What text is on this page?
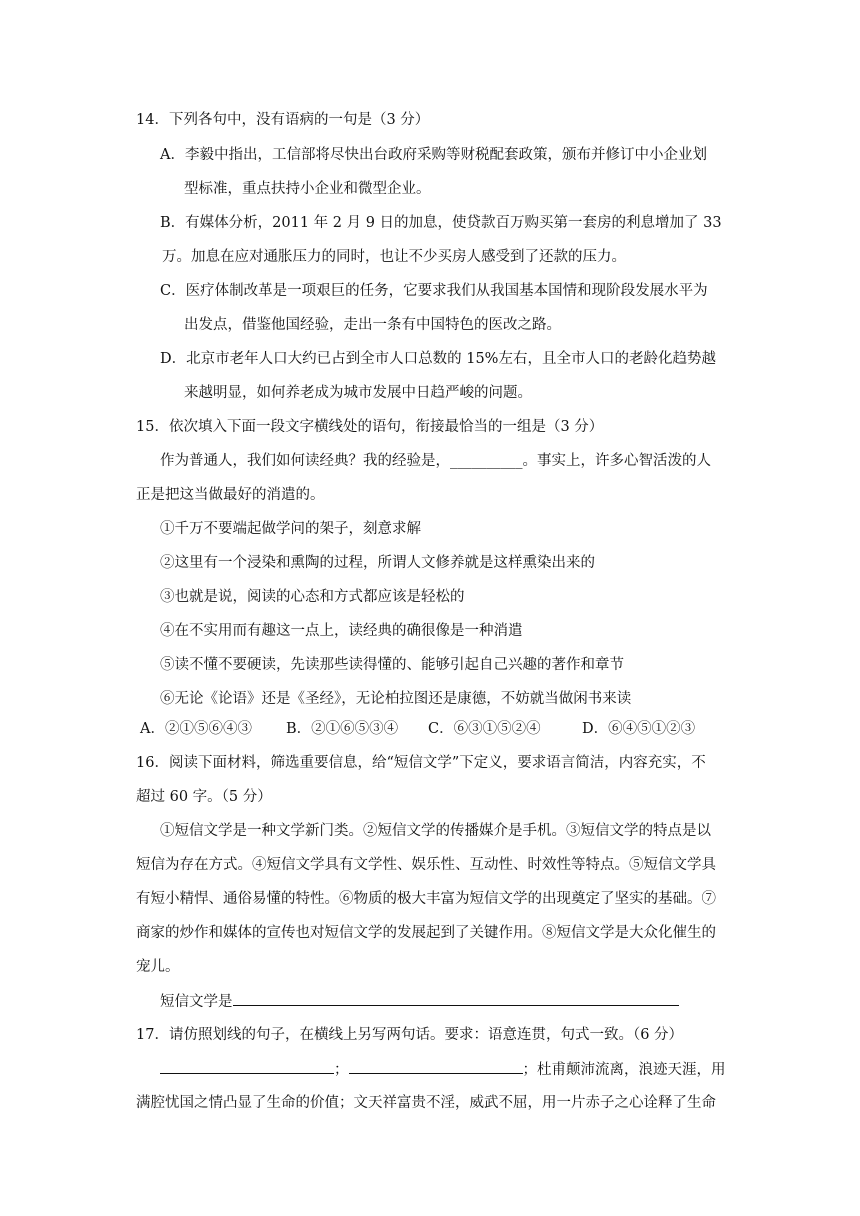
14．下列各句中，没有语病的一句是（3 分）
A．李毅中指出，工信部将尽快出台政府采购等财税配套政策，颁布并修订中小企业划
型标准，重点扶持小企业和微型企业。
B．有媒体分析，2011 年 2 月 9 日的加息，使贷款百万购买第一套房的利息增加了 33
万。加息在应对通胀压力的同时，也让不少买房人感受到了还款的压力。
C．医疗体制改革是一项艰巨的任务，它要求我们从我国基本国情和现阶段发展水平为
出发点，借鉴他国经验，走出一条有中国特色的医改之路。
D．北京市老年人口大约已占到全市人口总数的 15%左右，且全市人口的老龄化趋势越
来越明显，如何养老成为城市发展中日趋严峻的问题。
15．依次填入下面一段文字横线处的语句，衔接最恰当的一组是（3 分）
作为普通人，我们如何读经典？我的经验是，__________。事实上，许多心智活泼的人
正是把这当做最好的消遣的。
①千万不要端起做学问的架子，刻意求解
②这里有一个浸染和熏陶的过程，所谓人文修养就是这样熏染出来的
③也就是说，阅读的心态和方式都应该是轻松的
④在不实用而有趣这一点上，读经典的确很像是一种消遣
⑤读不懂不要硬读，先读那些读得懂的、能够引起自己兴趣的著作和章节
⑥无论《论语》还是《圣经》，无论柏拉图还是康德，不妨就当做闲书来读
A．②①⑤⑥④③ B．②①⑥⑤③④ C．⑥③①⑤②④	D．⑥④⑤①②③
16．阅读下面材料，筛选重要信息，给“短信文学”下定义，要求语言简洁，内容充实，不
超过 60 字。（5 分）
①短信文学是一种文学新门类。②短信文学的传播媒介是手机。③短信文学的特点是以
短信为存在方式。④短信文学具有文学性、娱乐性、互动性、时效性等特点。⑤短信文学具
有短小精悍、通俗易懂的特性。⑥物质的极大丰富为短信文学的出现奠定了坚实的基础。⑦
商家的炒作和媒体的宣传也对短信文学的发展起到了关键作用。⑧短信文学是大众化催生的
宠儿。
短信文学是
17．请仿照划线的句子，在横线上另写两句话。要求：语意连贯，句式一致。（6 分）
；	；杜甫颠沛流离，浪迹天涯，用
满腔忧国之情凸显了生命的价值；文天祥富贵不淫，威武不屈，用一片赤子之心诠释了生命
